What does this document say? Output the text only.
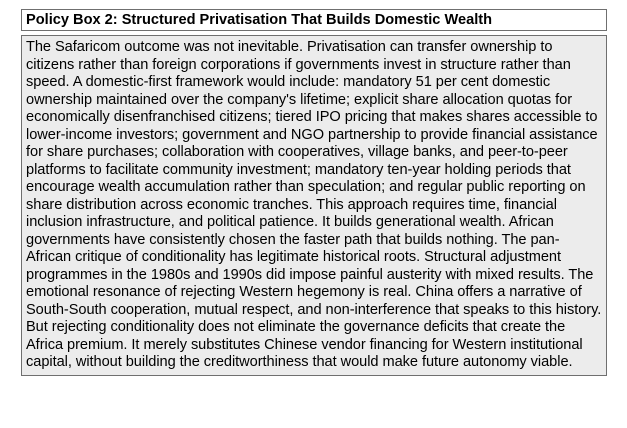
Policy Box 2: Structured Privatisation That Builds Domestic Wealth
The Safaricom outcome was not inevitable. Privatisation can transfer ownership to citizens rather than foreign corporations if governments invest in structure rather than speed. A domestic-first framework would include: mandatory 51 per cent domestic ownership maintained over the company's lifetime; explicit share allocation quotas for economically disenfranchised citizens; tiered IPO pricing that makes shares accessible to lower-income investors; government and NGO partnership to provide financial assistance for share purchases; collaboration with cooperatives, village banks, and peer-to-peer platforms to facilitate community investment; mandatory ten-year holding periods that encourage wealth accumulation rather than speculation; and regular public reporting on share distribution across economic tranches. This approach requires time, financial inclusion infrastructure, and political patience. It builds generational wealth. African governments have consistently chosen the faster path that builds nothing. The pan-African critique of conditionality has legitimate historical roots. Structural adjustment programmes in the 1980s and 1990s did impose painful austerity with mixed results. The emotional resonance of rejecting Western hegemony is real. China offers a narrative of South-South cooperation, mutual respect, and non-interference that speaks to this history. But rejecting conditionality does not eliminate the governance deficits that create the Africa premium. It merely substitutes Chinese vendor financing for Western institutional capital, without building the creditworthiness that would make future autonomy viable.
